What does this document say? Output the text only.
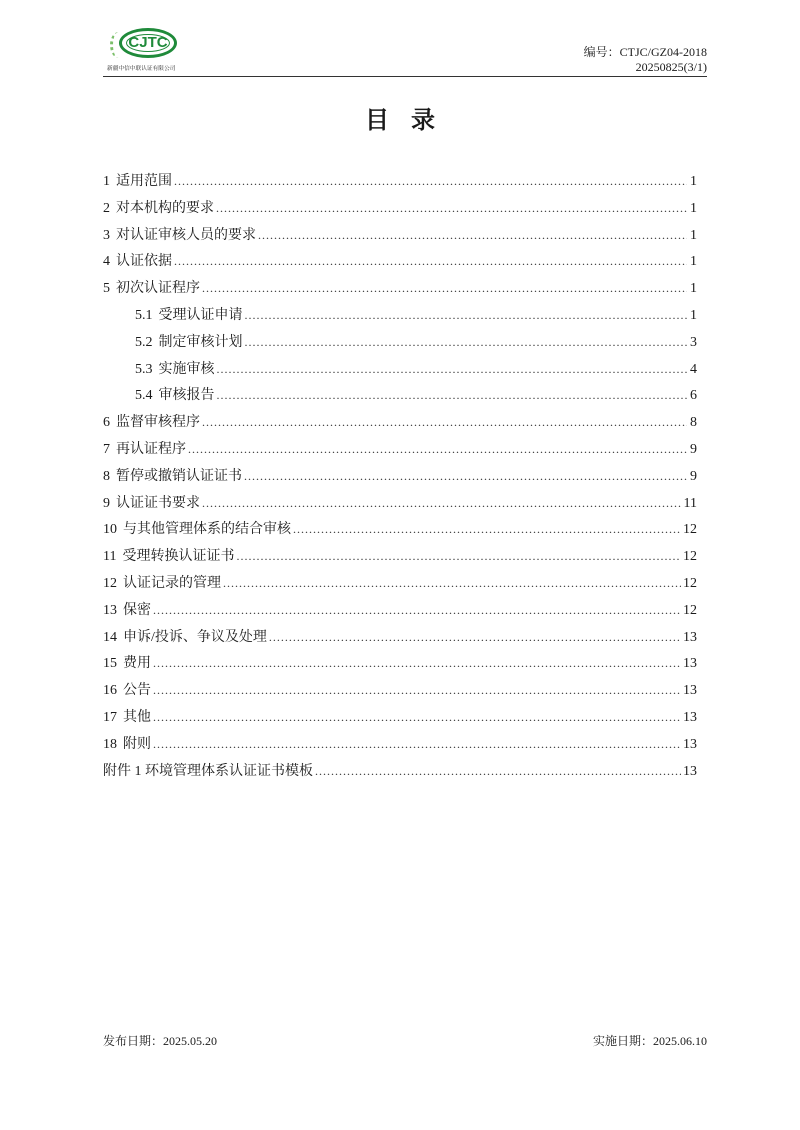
CJTC
新疆中信中联认证有限公司
编号：CTJC/GZ04-2018
20250825(3/1)
目录
1 适用范围 .....	1
2 对本机构的要求 .....	1
3 对认证审核人员的要求 .....	1
4 认证依据 .....	1
5 初次认证程序 .....	1
5.1 受理认证申请 .....	1
5.2 制定审核计划 .....	3
5.3 实施审核 .....	4
5.4 审核报告 .....	6
6 监督审核程序 .....	8
7 再认证程序 .....	9
8 暂停或撤销认证证书 .....	9
9 认证证书要求 .....	11
10 与其他管理体系的结合审核 .....	12
11 受理转换认证证书 .....	12
12 认证记录的管理 .....	12
13 保密 .....	12
14 申诉/投诉、争议及处理 .....	13
15 费用 .....	13
16 公告 .....	13
17 其他 .....	13
18 附则 .....	13
附件 1 环境管理体系认证证书模板 .....	13
发布日期：2025.05.20	实施日期：2025.06.10
